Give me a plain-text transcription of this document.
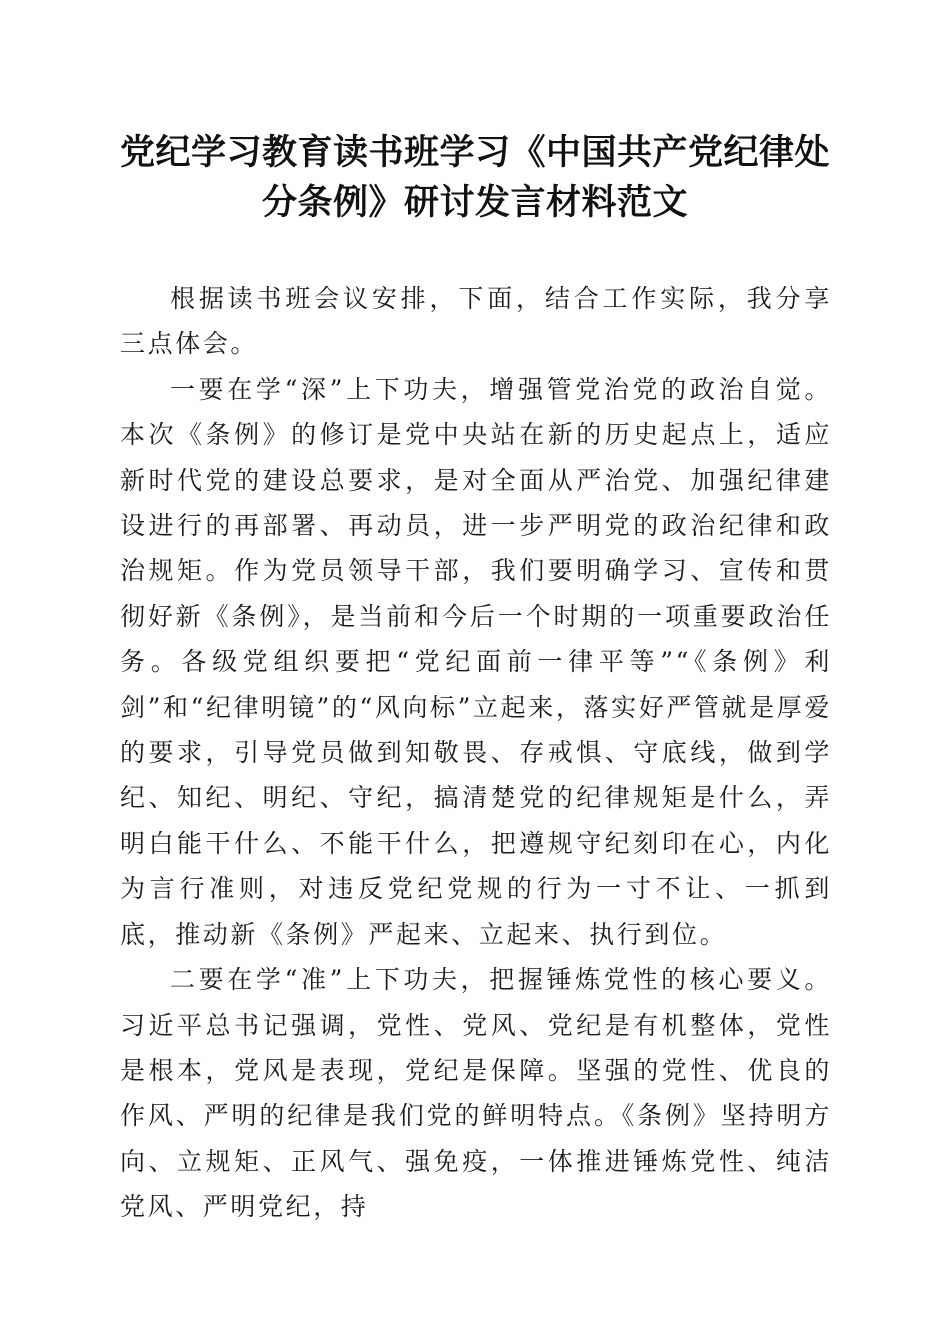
党纪学习教育读书班学习《中国共产党纪律处
分条例》研讨发言材料范文

根据读书班会议安排，下面，结合工作实际，我分享三点体会。

一要在学“深”上下功夫，增强管党治党的政治自觉。本次《条例》的修订是党中央站在新的历史起点上，适应新时代党的建设总要求，是对全面从严治党、加强纪律建设进行的再部署、再动员，进一步严明党的政治纪律和政治规矩。作为党员领导干部，我们要明确学习、宣传和贯彻好新《条例》，是当前和今后一个时期的一项重要政治任务。各级党组织要把“党纪面前一律平等”“《条例》利剑”和“纪律明镜”的“风向标”立起来，落实好严管就是厚爱的要求，引导党员做到知敬畏、存戒惧、守底线，做到学纪、知纪、明纪、守纪，搞清楚党的纪律规矩是什么，弄明白能干什么、不能干什么，把遵规守纪刻印在心，内化为言行准则，对违反党纪党规的行为一寸不让、一抓到底，推动新《条例》严起来、立起来、执行到位。

二要在学“准”上下功夫，把握锤炼党性的核心要义。习近平总书记强调，党性、党风、党纪是有机整体，党性是根本，党风是表现，党纪是保障。坚强的党性、优良的作风、严明的纪律是我们党的鲜明特点。《条例》坚持明方向、立规矩、正风气、强免疫，一体推进锤炼党性、纯洁党风、严明党纪，持
